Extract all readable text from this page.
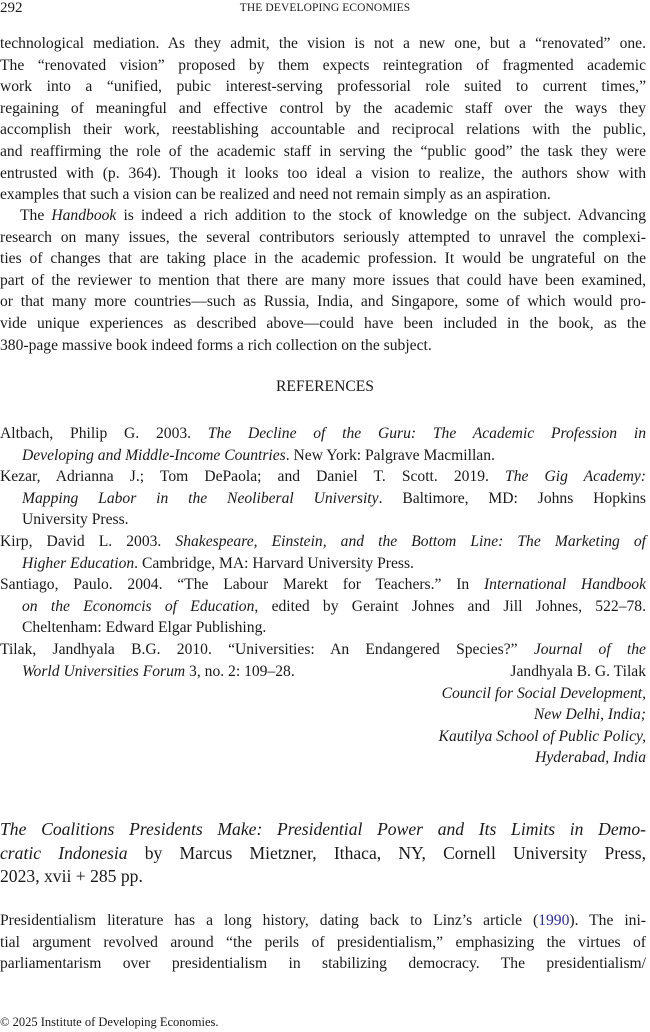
292	THE DEVELOPING ECONOMIES
technological mediation. As they admit, the vision is not a new one, but a “renovated” one.
The “renovated vision” proposed by them expects reintegration of fragmented academic
work into a “unified, pubic interest-serving professorial role suited to current times,”
regaining of meaningful and effective control by the academic staff over the ways they
accomplish their work, reestablishing accountable and reciprocal relations with the public,
and reaffirming the role of the academic staff in serving the “public good” the task they were
entrusted with (p. 364). Though it looks too ideal a vision to realize, the authors show with
examples that such a vision can be realized and need not remain simply as an aspiration.
The Handbook is indeed a rich addition to the stock of knowledge on the subject. Advancing
research on many issues, the several contributors seriously attempted to unravel the complexi-
ties of changes that are taking place in the academic profession. It would be ungrateful on the
part of the reviewer to mention that there are many more issues that could have been examined,
or that many more countries—such as Russia, India, and Singapore, some of which would pro-
vide unique experiences as described above—could have been included in the book, as the
380-page massive book indeed forms a rich collection on the subject.
REFERENCES
Altbach, Philip G. 2003. The Decline of the Guru: The Academic Profession in
Developing and Middle-Income Countries. New York: Palgrave Macmillan.
Kezar, Adrianna J.; Tom DePaola; and Daniel T. Scott. 2019. The Gig Academy:
Mapping Labor in the Neoliberal University. Baltimore, MD: Johns Hopkins
University Press.
Kirp, David L. 2003. Shakespeare, Einstein, and the Bottom Line: The Marketing of
Higher Education. Cambridge, MA: Harvard University Press.
Santiago, Paulo. 2004. “The Labour Marekt for Teachers.” In International Handbook
on the Economcis of Education, edited by Geraint Johnes and Jill Johnes, 522–78.
Cheltenham: Edward Elgar Publishing.
Tilak, Jandhyala B.G. 2010. “Universities: An Endangered Species?” Journal of the
World Universities Forum 3, no. 2: 109–28.	Jandhyala B. G. Tilak
Council for Social Development,
New Delhi, India;
Kautilya School of Public Policy,
Hyderabad, India
The Coalitions Presidents Make: Presidential Power and Its Limits in Demo-
cratic Indonesia by Marcus Mietzner, Ithaca, NY, Cornell University Press,
2023, xvii + 285 pp.
Presidentialism literature has a long history, dating back to Linz’s article (1990). The ini-
tial argument revolved around “the perils of presidentialism,” emphasizing the virtues of
parliamentarism over presidentialism in stabilizing democracy. The presidentialism/
© 2025 Institute of Developing Economies.
